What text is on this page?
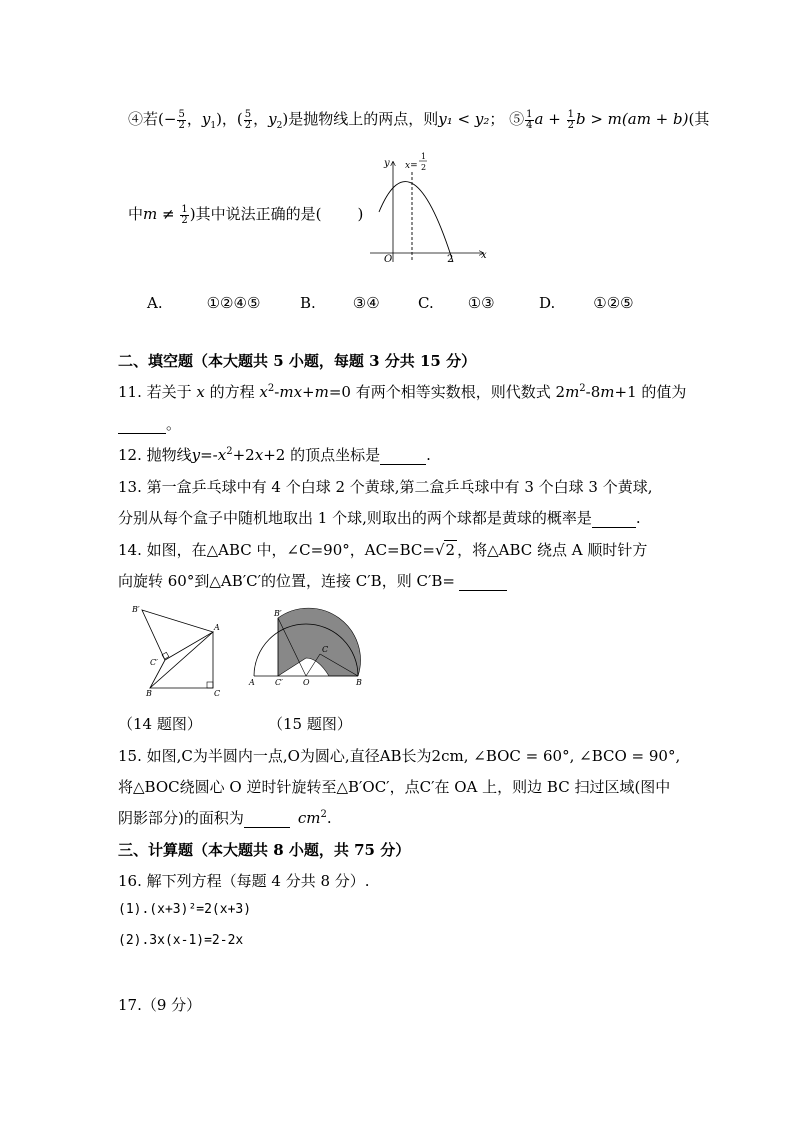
④若(− $\frac{5}{2}$ ，$y_1$)，( $\frac{5}{2}$ ，$y_2$)是抛物线上的两点，则y₁ < y₂； ⑤ $\frac{1}{4}$ $a + \frac{1}{2}$ b > m(am + b)(其
中$m \ne \frac{1}{2}$ )其中说法正确的是( )
y
x
O	2
x=
1
2
A.	①②④⑤	B. ③④	C. ①③	D.	①②⑤
二、填空题（本大题共 5 小题，每题 3 分共 15 分）
11. 若关于 x 的方程 $x^2-mx+m=0$ 有两个相等实数根，则代数式 $2m^2-8m+1$ 的值为
。
12. 抛物线$y=-x^2+2x+2$ 的顶点坐标是	.
13. 第一盒乒乓球中有 4 个白球 2 个黄球,第二盒乒乓球中有 3 个白球 3 个黄球,
分别从每个盒子中随机地取出 1 个球,则取出的两个球都是黄球的概率是	.
14. 如图，在△ABC 中，∠C=90°，AC=BC=√2 ，将△ABC 绕点 A 顺时针方
向旋转 60°到△AB′C′的位置，连接 C′B，则 C′B=
B′
A
C′
B	C
B′
C
A	C′	O	B
（14 题图）	（15 题图）
15. 如图,C为半圆内一点,O为圆心,直径AB长为2cm, ∠BOC = 60°, ∠BCO = 90°,
将△BOC绕圆心 O 逆时针旋转至△B′OC′，点C′在 OA 上，则边 BC 扫过区域(图中
阴影部分)的面积为	$cm^2$.
三、计算题（本大题共 8 小题，共 75 分）
16. 解下列方程（每题 4 分共 8 分）.
(1).(x+3)²=2(x+3)
(2).3x(x-1)=2-2x
17.（9 分）
